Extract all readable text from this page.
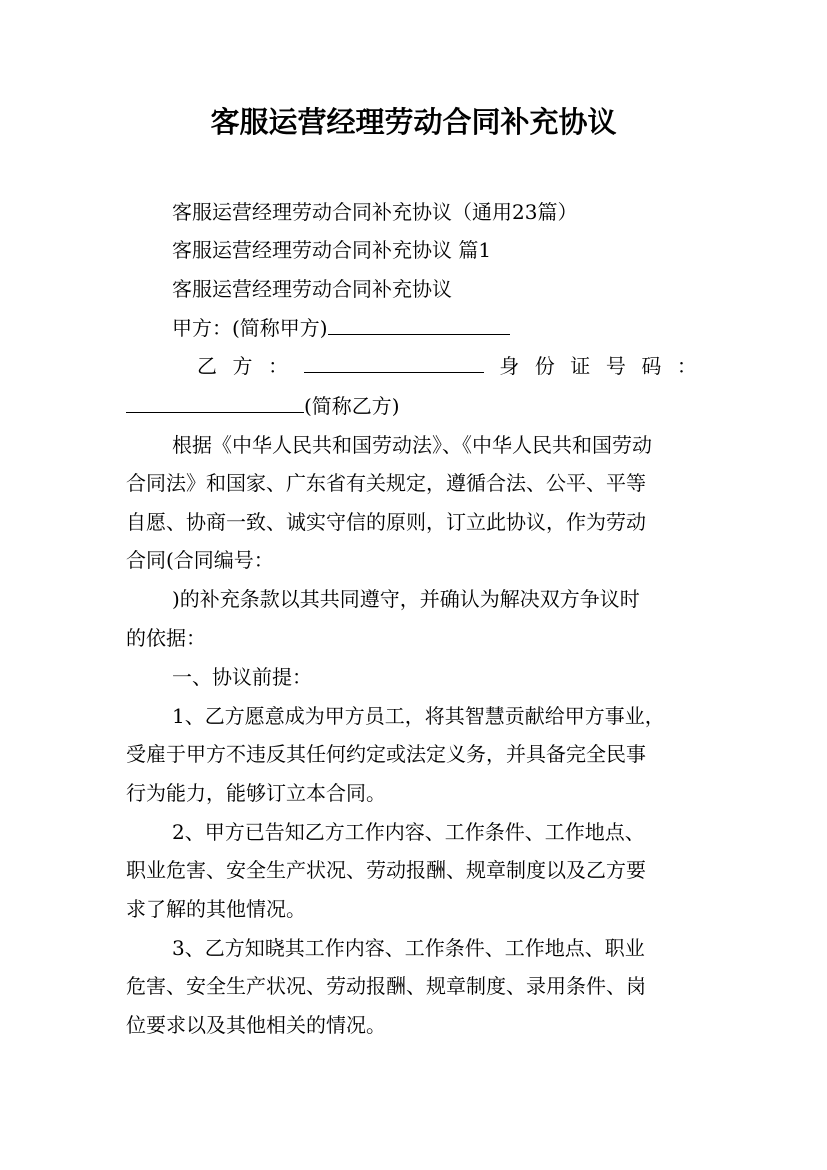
客服运营经理劳动合同补充协议
客服运营经理劳动合同补充协议（通用23篇）
客服运营经理劳动合同补充协议 篇1
客服运营经理劳动合同补充协议
甲方：(简称甲方)
乙 方 ：	身 份 证 号 码 ：
(简称乙方)
根据《中华人民共和国劳动法》、《中华人民共和国劳动
合同法》和国家、广东省有关规定，遵循合法、公平、平等
自愿、协商一致、诚实守信的原则，订立此协议，作为劳动
合同(合同编号：
)的补充条款以其共同遵守，并确认为解决双方争议时
的依据：
一、协议前提：
1、乙方愿意成为甲方员工，将其智慧贡献给甲方事业，
受雇于甲方不违反其任何约定或法定义务，并具备完全民事
行为能力，能够订立本合同。
2、甲方已告知乙方工作内容、工作条件、工作地点、
职业危害、安全生产状况、劳动报酬、规章制度以及乙方要
求了解的其他情况。
3、乙方知晓其工作内容、工作条件、工作地点、职业
危害、安全生产状况、劳动报酬、规章制度、录用条件、岗
位要求以及其他相关的情况。
